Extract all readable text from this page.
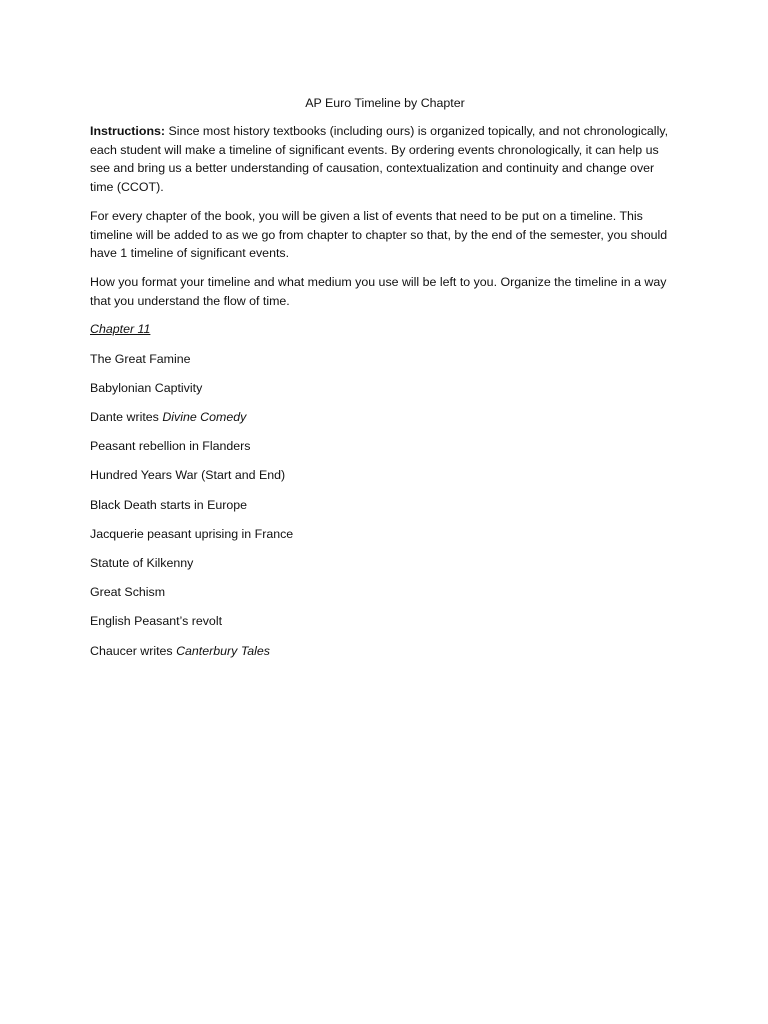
AP Euro Timeline by Chapter

Instructions: Since most history textbooks (including ours) is organized topically, and not chronologically, each student will make a timeline of significant events. By ordering events chronologically, it can help us see and bring us a better understanding of causation, contextualization and continuity and change over time (CCOT).

For every chapter of the book, you will be given a list of events that need to be put on a timeline. This timeline will be added to as we go from chapter to chapter so that, by the end of the semester, you should have 1 timeline of significant events.

How you format your timeline and what medium you use will be left to you. Organize the timeline in a way that you understand the flow of time.

Chapter 11
The Great Famine
Babylonian Captivity
Dante writes Divine Comedy
Peasant rebellion in Flanders
Hundred Years War (Start and End)
Black Death starts in Europe
Jacquerie peasant uprising in France
Statute of Kilkenny
Great Schism
English Peasant’s revolt
Chaucer writes Canterbury Tales
